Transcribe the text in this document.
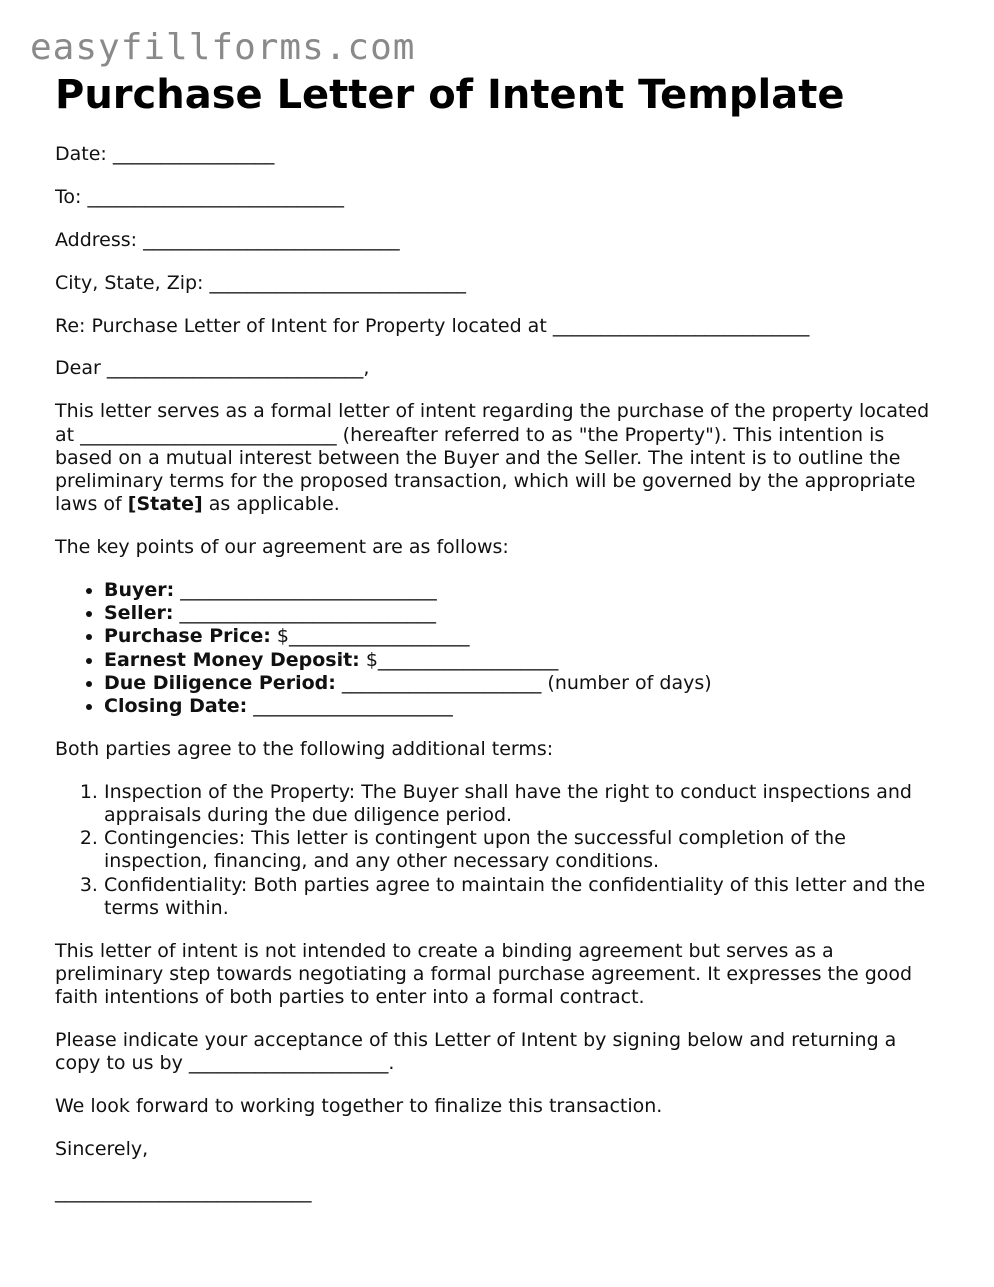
easyfillforms.com
Purchase Letter of Intent Template

Date: _________________

To: ___________________________

Address: ___________________________

City, State, Zip: ___________________________

Re: Purchase Letter of Intent for Property located at ___________________________

Dear ___________________________,

This letter serves as a formal letter of intent regarding the purchase of the property located at ___________________________ (hereafter referred to as "the Property"). This intention is based on a mutual interest between the Buyer and the Seller. The intent is to outline the preliminary terms for the proposed transaction, which will be governed by the appropriate laws of [State] as applicable.

The key points of our agreement are as follows:

• Buyer: ___________________________
• Seller: ___________________________
• Purchase Price: $___________________
• Earnest Money Deposit: $___________________
• Due Diligence Period: _____________________ (number of days)
• Closing Date: _____________________

Both parties agree to the following additional terms:

1. Inspection of the Property: The Buyer shall have the right to conduct inspections and appraisals during the due diligence period.
2. Contingencies: This letter is contingent upon the successful completion of the inspection, financing, and any other necessary conditions.
3. Confidentiality: Both parties agree to maintain the confidentiality of this letter and the terms within.

This letter of intent is not intended to create a binding agreement but serves as a preliminary step towards negotiating a formal purchase agreement. It expresses the good faith intentions of both parties to enter into a formal contract.

Please indicate your acceptance of this Letter of Intent by signing below and returning a copy to us by _____________________.

We look forward to working together to finalize this transaction.

Sincerely,

___________________________
